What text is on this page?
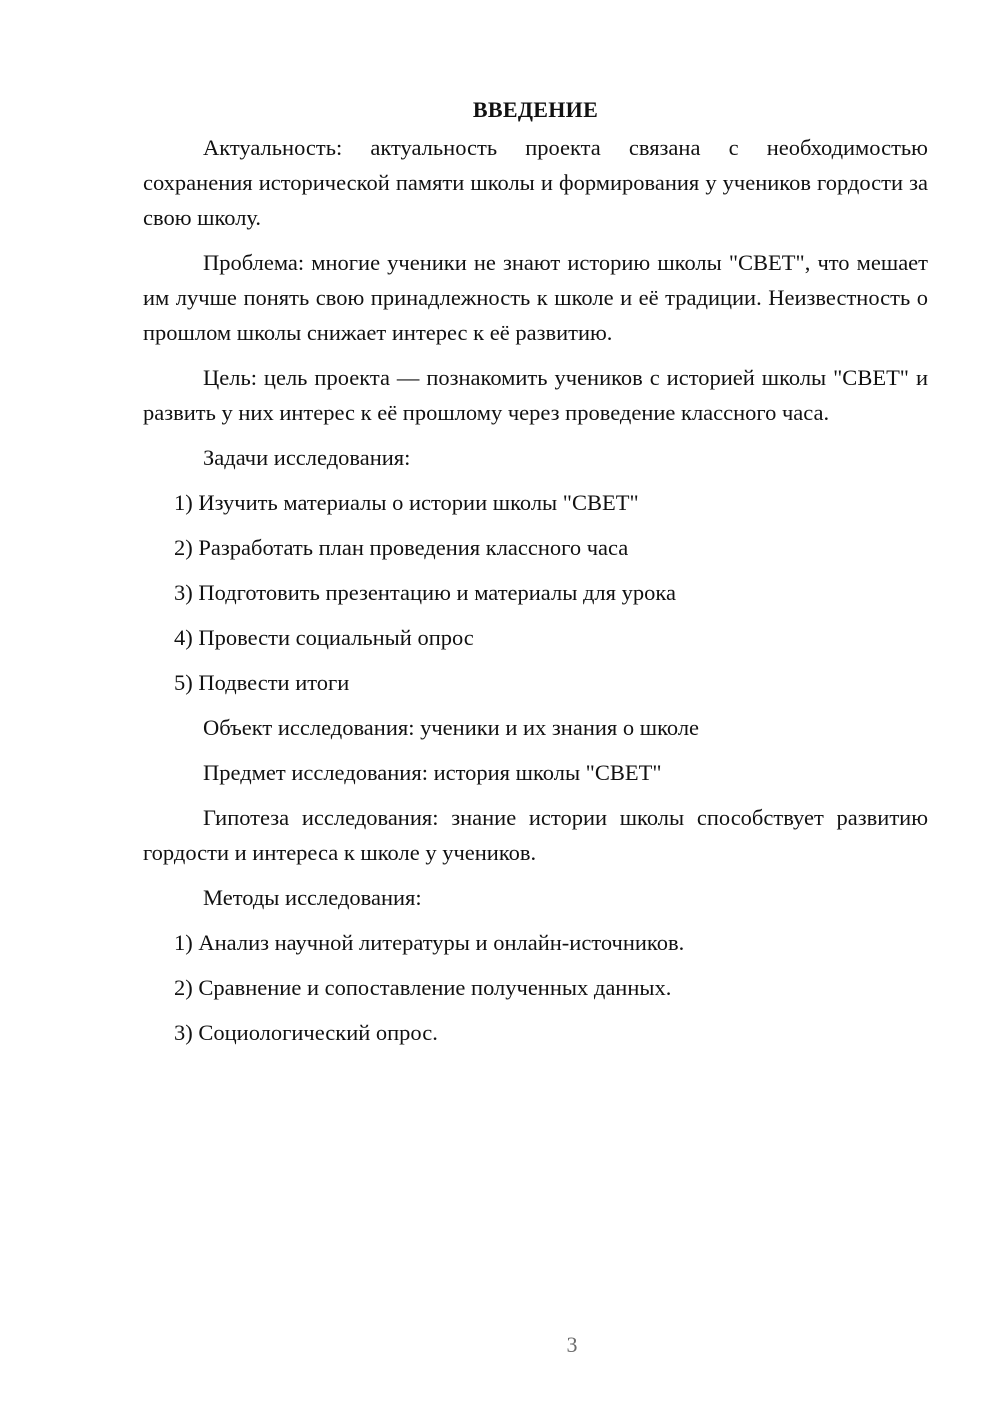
ВВЕДЕНИЕ

Актуальность: актуальность проекта связана с необходимостью сохранения исторической памяти школы и формирования у учеников гордости за свою школу.

Проблема: многие ученики не знают историю школы "СВЕТ", что мешает им лучше понять свою принадлежность к школе и её традиции. Неизвестность о прошлом школы снижает интерес к её развитию.

Цель: цель проекта — познакомить учеников с историей школы "СВЕТ" и развить у них интерес к её прошлому через проведение классного часа.

Задачи исследования:
1) Изучить материалы о истории школы "СВЕТ"
2) Разработать план проведения классного часа
3) Подготовить презентацию и материалы для урока
4) Провести социальный опрос
5) Подвести итоги
Объект исследования: ученики и их знания о школе
Предмет исследования: история школы "СВЕТ"

Гипотеза исследования: знание истории школы способствует развитию гордости и интереса к школе у учеников.

Методы исследования:
1) Анализ научной литературы и онлайн-источников.
2) Сравнение и сопоставление полученных данных.
3) Социологический опрос.
3
